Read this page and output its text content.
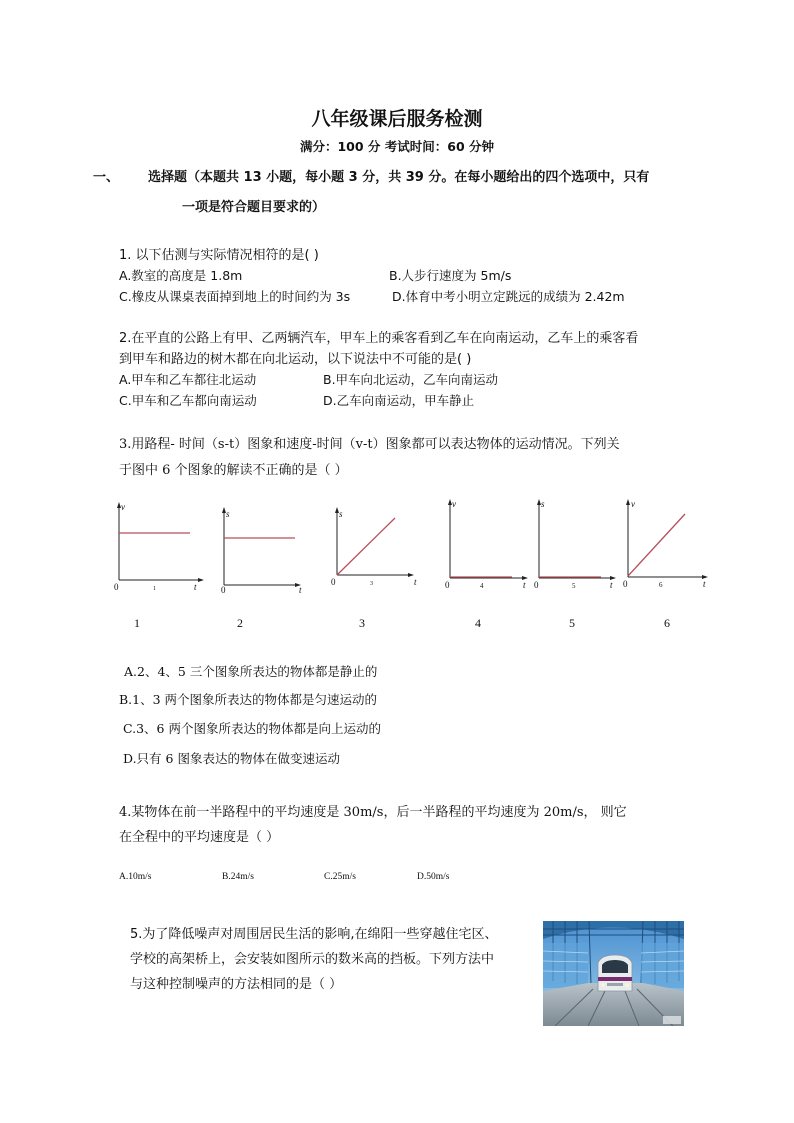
八年级课后服务检测
满分：100 分 考试时间：60 分钟
一、 选择题（本题共 13 小题，每小题 3 分，共 39 分。在每小题给出的四个选项中，只有
一项是符合题目要求的）
1. 以下估测与实际情况相符的是( )
A.教室的高度是 1.8m	B.人步行速度为 5m/s
C.橡皮从课桌表面掉到地上的时间约为 3s	D.体育中考小明立定跳远的成绩为 2.42m
2.在平直的公路上有甲、乙两辆汽车，甲车上的乘客看到乙车在向南运动，乙车上的乘客看
到甲车和路边的树木都在向北运动，以下说法中不可能的是( )
A.甲车和乙车都往北运动	B.甲车向北运动，乙车向南运动
C.甲车和乙车都向南运动	D.乙车向南运动，甲车静止
3.用路程- 时间（s-t）图象和速度-时间（v-t）图象都可以表达物体的运动情况。下列关
于图中 6 个图象的解读不正确的是（ ）
v
t
0	1
s
t
0
s
t
0	3
v
t
0	4
s
t
0	5
v
t
0	6
1	2	3	4	5	6
A.2、4、5 三个图象所表达的物体都是静止的
B.1、3 两个图象所表达的物体都是匀速运动的
C.3、6 两个图象所表达的物体都是向上运动的
D.只有 6 图象表达的物体在做变速运动
4.某物体在前一半路程中的平均速度是 30m/s，后一半路程的平均速度为 20m/s， 则它
在全程中的平均速度是（ ）
A.10m/s	B.24m/s	C.25m/s	D.50m/s
5.为了降低噪声对周围居民生活的影响,在绵阳一些穿越住宅区、
学校的高架桥上，会安装如图所示的数米高的挡板。下列方法中
与这种控制噪声的方法相同的是（ ）
